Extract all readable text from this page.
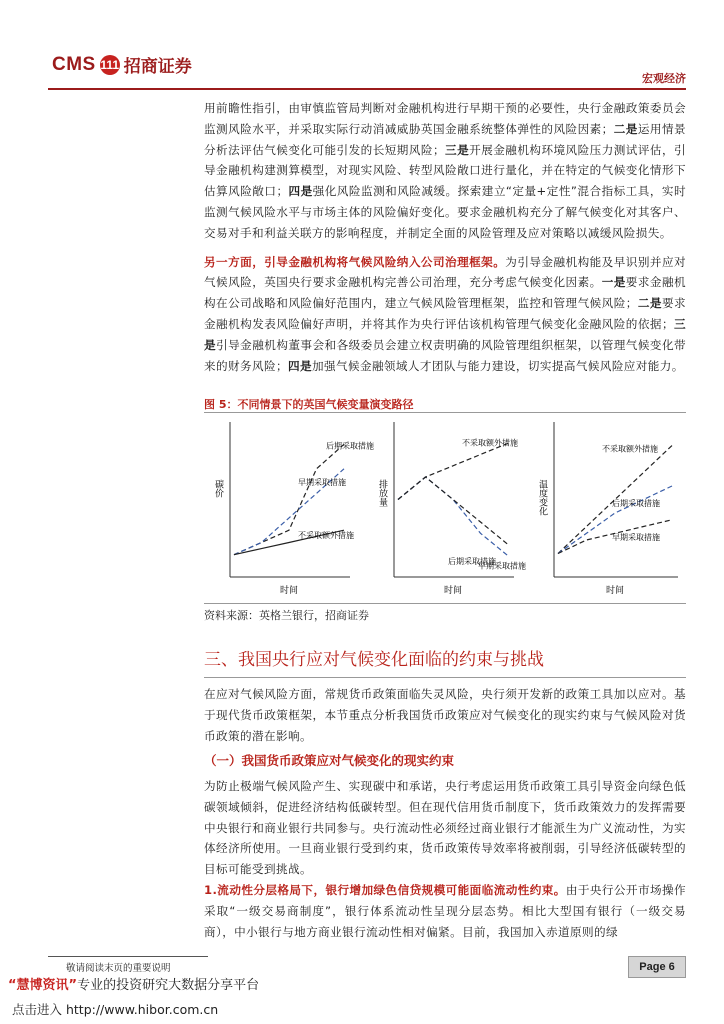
CMS 111 招商证券
宏观经济

用前瞻性指引，由审慎监管局判断对金融机构进行早期干预的必要性，央行金融政策委员会监测风险水平，并采取实际行动消减威胁英国金融系统整体弹性的风险因素；二是运用情景分析法评估气候变化可能引发的长短期风险；三是开展金融机构环境风险压力测试评估，引导金融机构建测算模型，对现实风险、转型风险敞口进行量化，并在特定的气候变化情形下估算风险敞口；四是强化风险监测和风险减缓。探索建立“定量+定性”混合指标工具，实时监测气候风险水平与市场主体的风险偏好变化。要求金融机构充分了解气候变化对其客户、交易对手和利益关联方的影响程度，并制定全面的风险管理及应对策略以减缓风险损失。

另一方面，引导金融机构将气候风险纳入公司治理框架。为引导金融机构能及早识别并应对气候风险，英国央行要求金融机构完善公司治理，充分考虑气候变化因素。一是要求金融机构在公司战略和风险偏好范围内，建立气候风险管理框架，监控和管理气候风险；二是要求金融机构发表风险偏好声明，并将其作为央行评估该机构管理气候变化金融风险的依据；三是引导金融机构董事会和各级委员会建立权责明确的风险管理组织框架，以管理气候变化带来的财务风险；四是加强气候金融领域人才团队与能力建设，切实提高气候风险应对能力。

图 5：不同情景下的英国气候变量演变路径
碳价
时间
后期采取措施
早期采取措施
不采取额外措施
排放量
时间
不采取额外措施
后期采取措施
早期采取措施
温度变化
时间
不采取额外措施
后期采取措施
早期采取措施
资料来源：英格兰银行，招商证券
三、我国央行应对气候变化面临的约束与挑战

在应对气候风险方面，常规货币政策面临失灵风险，央行须开发新的政策工具加以应对。基于现代货币政策框架，本节重点分析我国货币政策应对气候变化的现实约束与气候风险对货币政策的潜在影响。

（一）我国货币政策应对气候变化的现实约束

为防止极端气候风险产生、实现碳中和承诺，央行考虑运用货币政策工具引导资金向绿色低碳领域倾斜，促进经济结构低碳转型。但在现代信用货币制度下，货币政策效力的发挥需要中央银行和商业银行共同参与。央行流动性必须经过商业银行才能派生为广义流动性，为实体经济所使用。一旦商业银行受到约束，货币政策传导效率将被削弱，引导经济低碳转型的目标可能受到挑战。

1.流动性分层格局下，银行增加绿色信贷规模可能面临流动性约束。由于央行公开市场操作采取“一级交易商制度”，银行体系流动性呈现分层态势。相比大型国有银行（一级交易商），中小银行与地方商业银行流动性相对偏紧。目前，我国加入赤道原则的绿

敬请阅读末页的重要说明	Page 6
“慧博资讯”专业的投资研究大数据分享平台
点击进入 http://www.hibor.com.cn
